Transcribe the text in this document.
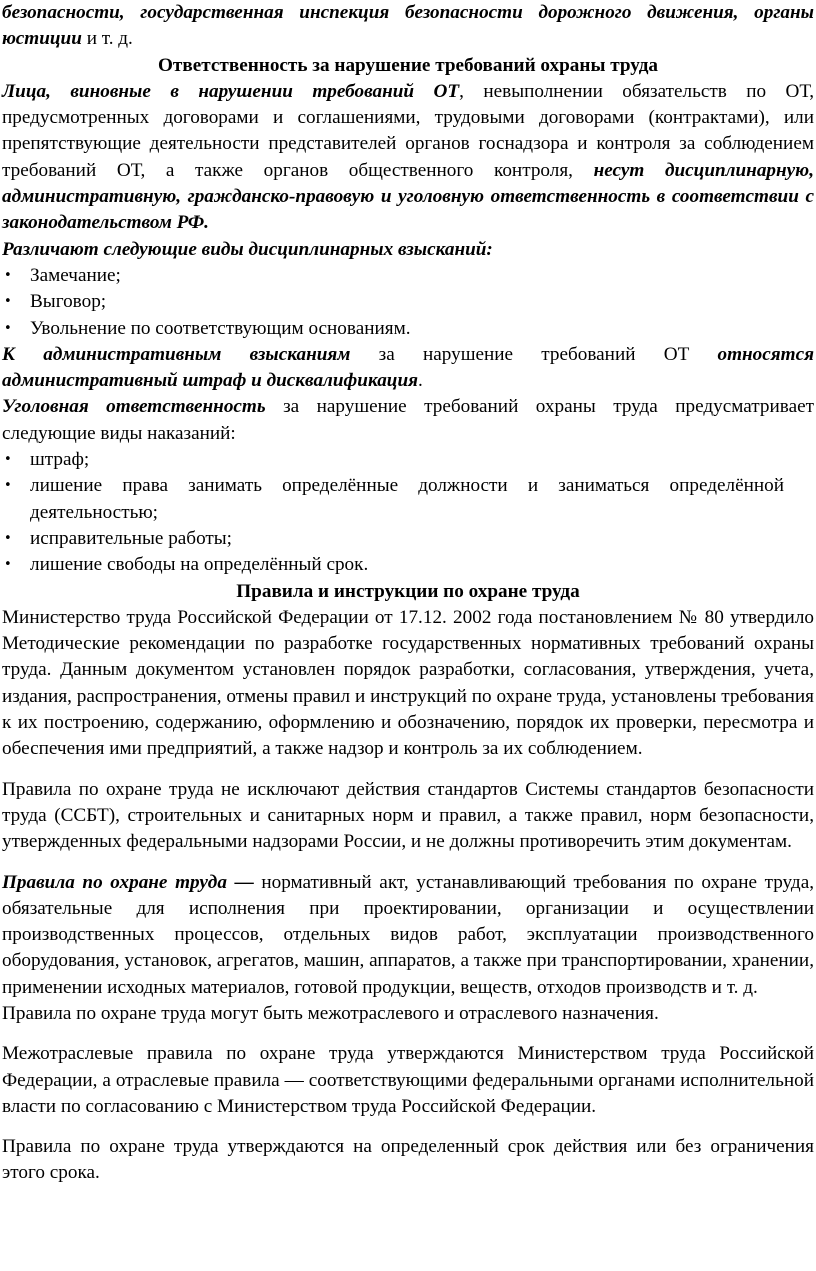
безопасности, государственная инспекция безопасности дорожного движения, органы юстиции и т. д.

Ответственность за нарушение требований охраны труда

Лица, виновные в нарушении требований ОТ, невыполнении обязательств по ОТ, предусмотренных договорами и соглашениями, трудовыми договорами (контрактами), или препятствующие деятельности представителей органов госнадзора и контроля за соблюдением требований ОТ, а также органов общественного контроля, несут дисциплинарную, административную, гражданско-правовую и уголовную ответственность в соответствии с законодательством РФ.

Различают следующие виды дисциплинарных взысканий:

• Замечание;
• Выговор;
• Увольнение по соответствующим основаниям.

К административным взысканиям за нарушение требований ОТ относятся административный штраф и дисквалификация.

Уголовная ответственность за нарушение требований охраны труда предусматривает следующие виды наказаний:

• штраф;
• лишение права занимать определённые должности и заниматься определённой деятельностью;
• исправительные работы;
• лишение свободы на определённый срок.

Правила и инструкции по охране труда

Министерство труда Российской Федерации от 17.12. 2002 года постановлением № 80 утвердило Методические рекомендации по разработке государственных нормативных требований охраны труда. Данным документом установлен порядок разработки, согласования, утверждения, учета, издания, распространения, отмены правил и инструкций по охране труда, установлены требования к их построению, содержанию, оформлению и обозначению, порядок их проверки, пересмотра и обеспечения ими предприятий, а также надзор и контроль за их соблюдением.

Правила по охране труда не исключают действия стандартов Системы стандартов безопасности труда (ССБТ), строительных и санитарных норм и правил, а также правил, норм безопасности, утвержденных федеральными надзорами России, и не должны противоречить этим документам.

Правила по охране труда — нормативный акт, устанавливающий требования по охране труда, обязательные для исполнения при проектировании, организации и осуществлении производственных процессов, отдельных видов работ, эксплуатации производственного оборудования, установок, агрегатов, машин, аппаратов, а также при транспортировании, хранении, применении исходных материалов, готовой продукции, веществ, отходов производств и т. д.

Правила по охране труда могут быть межотраслевого и отраслевого назначения.

Межотраслевые правила по охране труда утверждаются Министерством труда Российской Федерации, а отраслевые правила — соответствующими федеральными органами исполнительной власти по согласованию с Министерством труда Российской Федерации.

Правила по охране труда утверждаются на определенный срок действия или без ограничения этого срока.
